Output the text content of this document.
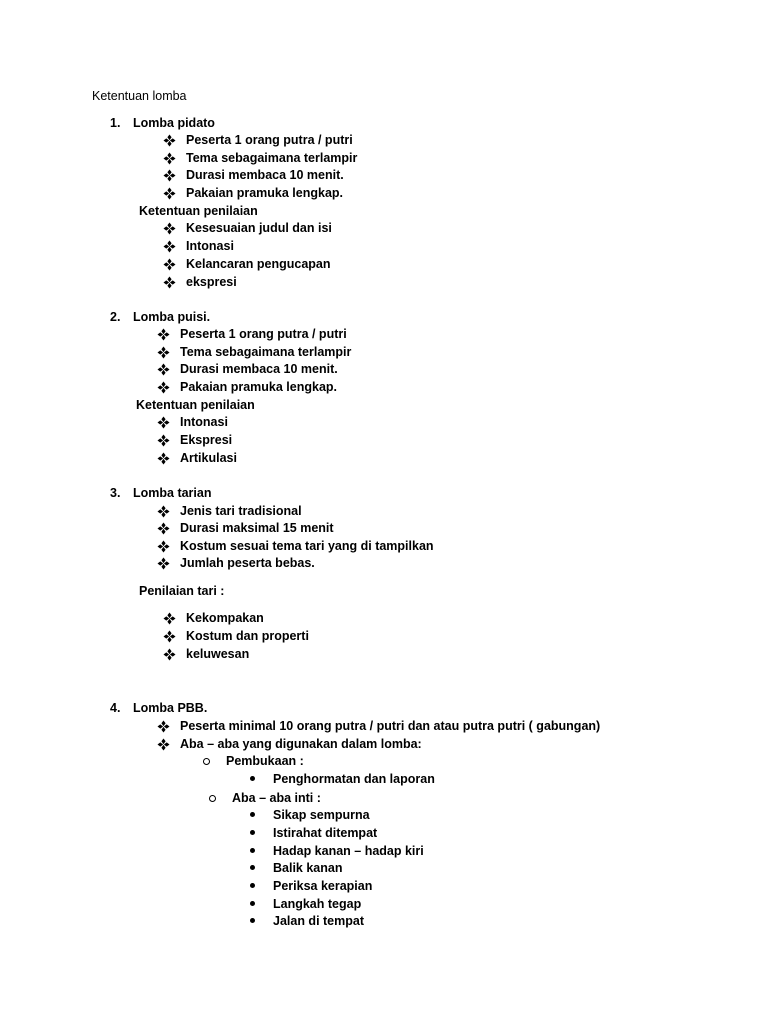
Ketentuan lomba
1. Lomba pidato
Peserta 1 orang putra / putri
Tema sebagaimana terlampir
Durasi membaca 10 menit.
Pakaian pramuka lengkap.
Ketentuan penilaian
Kesesuaian judul dan isi
Intonasi
Kelancaran pengucapan
ekspresi
2. Lomba puisi.
Peserta 1 orang putra / putri
Tema sebagaimana terlampir
Durasi membaca 10 menit.
Pakaian pramuka lengkap.
Ketentuan penilaian
Intonasi
Ekspresi
Artikulasi
3. Lomba tarian
Jenis tari tradisional
Durasi maksimal 15 menit
Kostum sesuai tema tari yang di tampilkan
Jumlah peserta bebas.
Penilaian tari :
Kekompakan
Kostum dan properti
keluwesan
4. Lomba PBB.
Peserta minimal 10 orang putra / putri dan atau putra putri ( gabungan)
Aba – aba yang digunakan dalam lomba:
Pembukaan :
Penghormatan dan laporan
Aba – aba inti :
Sikap sempurna
Istirahat ditempat
Hadap kanan – hadap kiri
Balik kanan
Periksa kerapian
Langkah tegap
Jalan di tempat
